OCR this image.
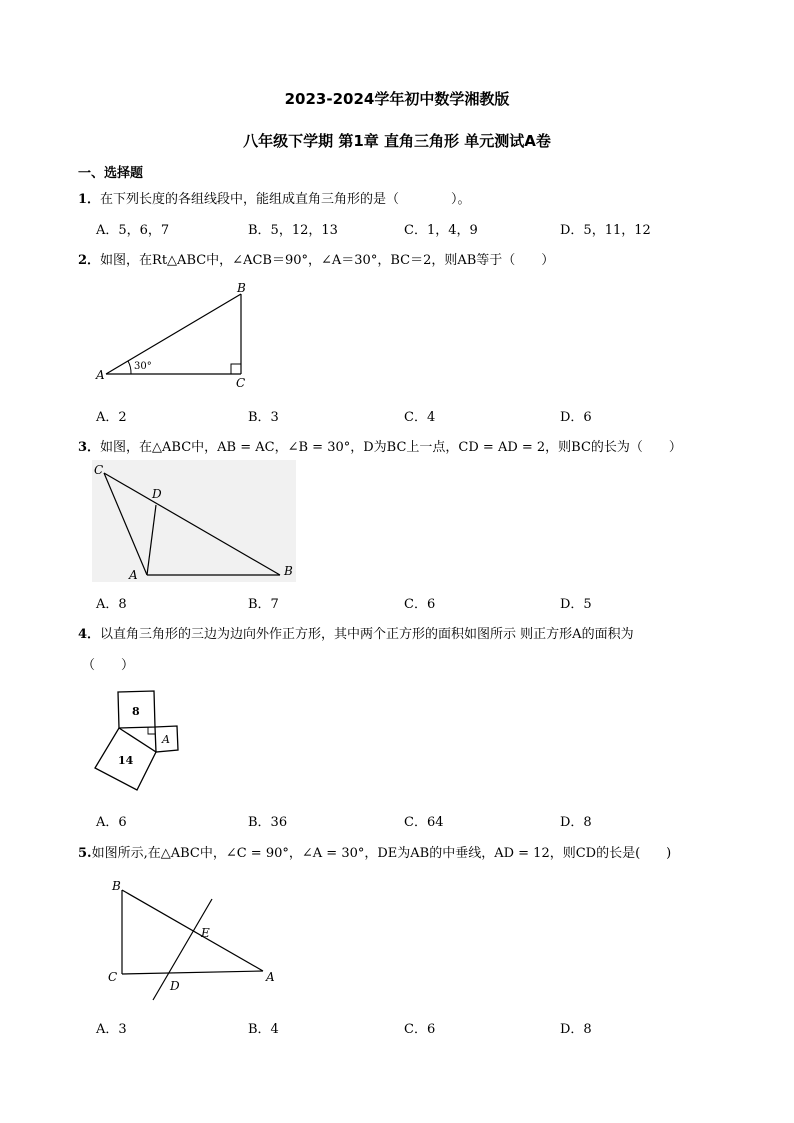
2023-2024学年初中数学湘教版
八年级下学期 第1章 直角三角形 单元测试A卷
一、选择题
1．在下列长度的各组线段中，能组成直角三角形的是（　　　　）。
A．5，6，7	B．5，12，13	C．1，4，9	D．5，11，12
2．如图，在Rt△ABC中，∠ACB＝90°，∠A＝30°，BC＝2，则AB等于（　　）
A
B
C
30°
A．2	B．3	C．4	D．6
3．如图，在△ABC中，AB = AC，∠B = 30°，D为BC上一点，CD = AD = 2，则BC的长为（　　）
C
D
A	B
A．8	B．7	C．6	D．5
4．以直角三角形的三边为边向外作正方形，其中两个正方形的面积如图所示 则正方形A的面积为
（　　）
8
14
A
A．6	B．36	C．64	D．8
5.如图所示,在△ABC中，∠C = 90°，∠A = 30°，DE为AB的中垂线，AD = 12，则CD的长是(　　)
B
C	A
E
D
A．3	B．4	C．6	D．8
